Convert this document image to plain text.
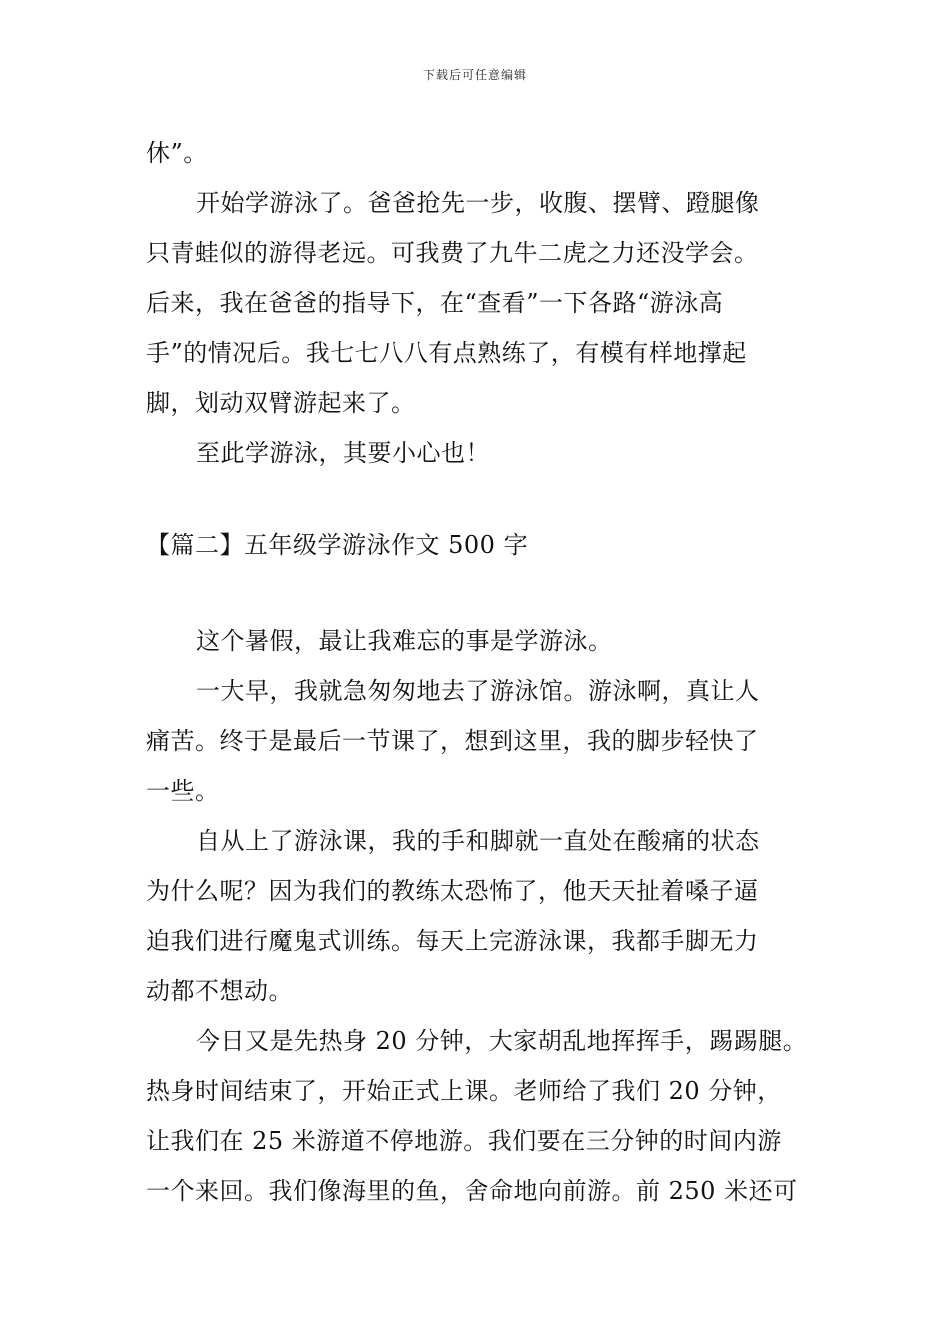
下载后可任意编辑
休”。
开始学游泳了。爸爸抢先一步，收腹、摆臂、蹬腿像
只青蛙似的游得老远。可我费了九牛二虎之力还没学会。
后来，我在爸爸的指导下，在“查看”一下各路“游泳高
手”的情况后。我七七八八有点熟练了，有模有样地撑起
脚，划动双臂游起来了。
至此学游泳，其要小心也！
【篇二】五年级学游泳作文 500 字
这个暑假，最让我难忘的事是学游泳。
一大早，我就急匆匆地去了游泳馆。游泳啊，真让人
痛苦。终于是最后一节课了，想到这里，我的脚步轻快了
一些。
自从上了游泳课，我的手和脚就一直处在酸痛的状态
为什么呢？因为我们的教练太恐怖了，他天天扯着嗓子逼
迫我们进行魔鬼式训练。每天上完游泳课，我都手脚无力
动都不想动。
今日又是先热身 20 分钟，大家胡乱地挥挥手，踢踢腿。
热身时间结束了，开始正式上课。老师给了我们 20 分钟，
让我们在 25 米游道不停地游。我们要在三分钟的时间内游
一个来回。我们像海里的鱼，舍命地向前游。前 250 米还可
